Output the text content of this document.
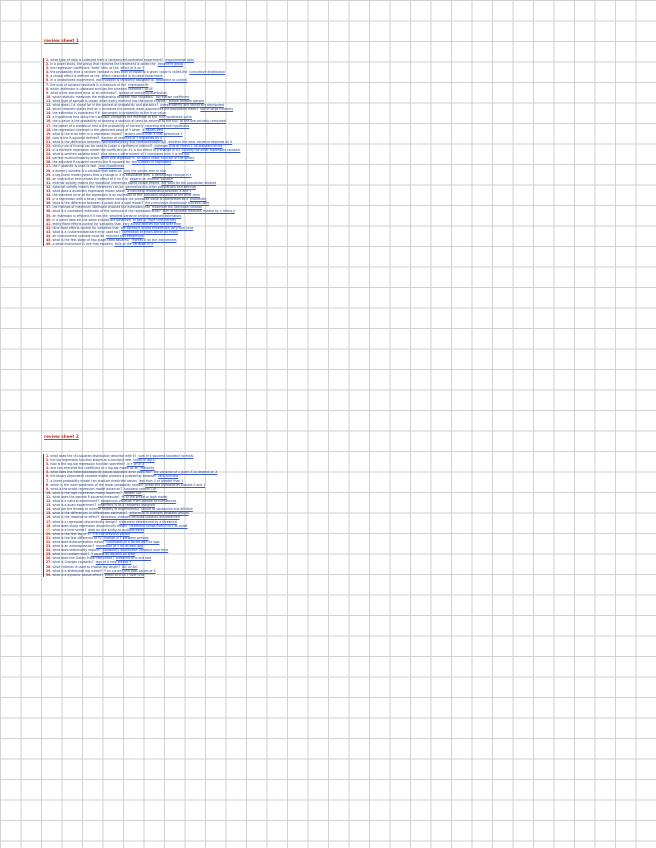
review sheet 1
1.what type of data is collected from a randomized controlled experiment? experimental data
2.in a panel study, the group that receives the treatment is called the treatment group
3.the regression coefficient "beta" tells us the effect of X on Y
4.the probability that a random variable is less than or equal to a given value is called the cumulative distribution
5.a causal effect is defined as the effect measured in an ideal experiment
6.in a randomized experiment, each subject is randomly assigned to treatment or control
7.the sum of squared residuals is a measure of the regression fit
8.which estimator is unbiased and has the smallest variance? BLUE
9.what is the standard error of an estimator? spread of sampling distribution
10.which statistic measures the relationship between two variables? correlation coefficient
11.what type of sample is drawn when every element has the same chance? simple random sample
12.what does i.i.d. stand for in the context of probability and statistics? independently and identically distributed
13.which theorem states that as n increases the sample mean approaches the population mean? law of large numbers
14.the estimator is consistent if it converges in probability to the true value
15.a hypothesis test using the t-statistic compares the estimate to the null hypothesis value
16.the p-value is the probability of drawing a statistic at least as adverse to the null as the one actually computed
17.the power of a statistical test is the probability of correctly rejecting the null hypothesis
18.the regression intercept is the predicted value of Y when X equals zero
19.what is the error term in a regression model? factors other than X that determine Y
20.how is the R-squared defined? fraction of variance of Y explained by X
21.what is the difference between homoskedasticity and heteroskedasticity? whether the error variance depends on X
22.which rule of thumb can be used to judge a confidence interval? estimate plus or minus 1.96 standard errors
23.in a multiple regression model the coefficient on X1 is the effect of a change in X1 holding the other regressors constant
24.what is omitted variable bias? bias when a determinant of Y correlated with X is left out
25.perfect multicollinearity arises when one regressor is an exact linear function of the others
26.the adjusted R-squared corrects the R-squared for the number of regressors
27.the F-statistic is used to test joint hypotheses
28.a dummy variable is a variable that takes on only the values zero or one
29.a log-linear model means that a change in X is associated with a percentage change in Y
30.an interaction term allows the effect of X on Y to depend on another variable
31.internal validity means the statistical inferences about causal effects are valid for the population studied
32.external validity means the inferences can be generalized to other populations and settings
33.what does a quadratic regression model allow? a nonlinear relationship between X and Y
34.the standard error of the regression is an estimator of the standard deviation of the error term
35.in a regression with a binary dependent variable the predicted value is interpreted as a probability
36.what is the difference between a probit and a logit model? the cumulative distribution function used
37.the method of maximum likelihood chooses the estimates that maximize the likelihood function
38.what is a consistent estimator of the variance of the regression error? sum of squared residuals divided by n minus k
39.an estimator is efficient if it has the smallest variance among unbiased estimators
40.in a panel data set the same entities are observed at two or more time periods
41.entity fixed effects control for variables that vary across entities but not over time
42.time fixed effects control for variables that are constant across entities but vary over time
43.what is a clustered standard error used for? correlation of errors within an entity
44.an instrumental variable must be relevant and exogenous
45.what is the first stage of two stage least squares? regress X on the instruments
46.a weak instrument is one that explains little of the variation in X
review sheet 2
1.what does the chi-squared distribution describe with k? sum of k squared standard normals
2.the log regression function slopes at a constant rate linear in log X
3.how is the log-log regression function specified? ln Y on ln X
4.one can interpret the coefficient in a log-log model as an elasticity
5.what does the heteroskedasticity-robust standard error allow for? the variance of u given X to depend on X
6.the binary dependent variable model predicts a probability between zero and one
7.a linear probability model can produce predicted values less than 0 or greater than 1
8.which is the main weakness of the linear probability model? predicted probabilities outside 0 and 1
9.what is the probit regression model based on? standard normal CDF
10.what is the logit regression model based on? logistic CDF
11.what does the pseudo R-squared measure? fit of the probit or logit model
12.what is a natural experiment? exogenous variation from outside circumstances
13.what is a quasi experiment? treatment is as if randomly assigned
14.what are the threats to internal validity of experiments? failure to randomize and attrition
15.what is the differences-in-differences estimator? difference in changes between groups
16.what is the Hawthorne effect? behaviour changes because subjects are observed
17.what is a regression discontinuity design? treatment determined by a threshold
18.what does sharp regression discontinuity mean? treatment jumps from 0 to 1 at cutoff
19.what is a time series? data on one entity at multiple dates
20.what is the first lag of Y? Y in the previous period
21.what is the first difference of Y? change in Y between periods
22.what does autocorrelation mean? correlation of a series with its lags
23.what is an autoregression? regression of Y on its own lags
24.what does stationarity require? probability distribution constant over time
25.what is a random walk? Y equals its lag plus an error
26.what does the Dickey-Fuller test check? presence of a unit root
27.what is Granger causality? lags of X help predict Y
28.what criterion is used to choose lag length? BIC or AIC
29.what is a distributed lag model? Y on current and past values of X
30.what is a dynamic causal effect? effect of X on Y over time
